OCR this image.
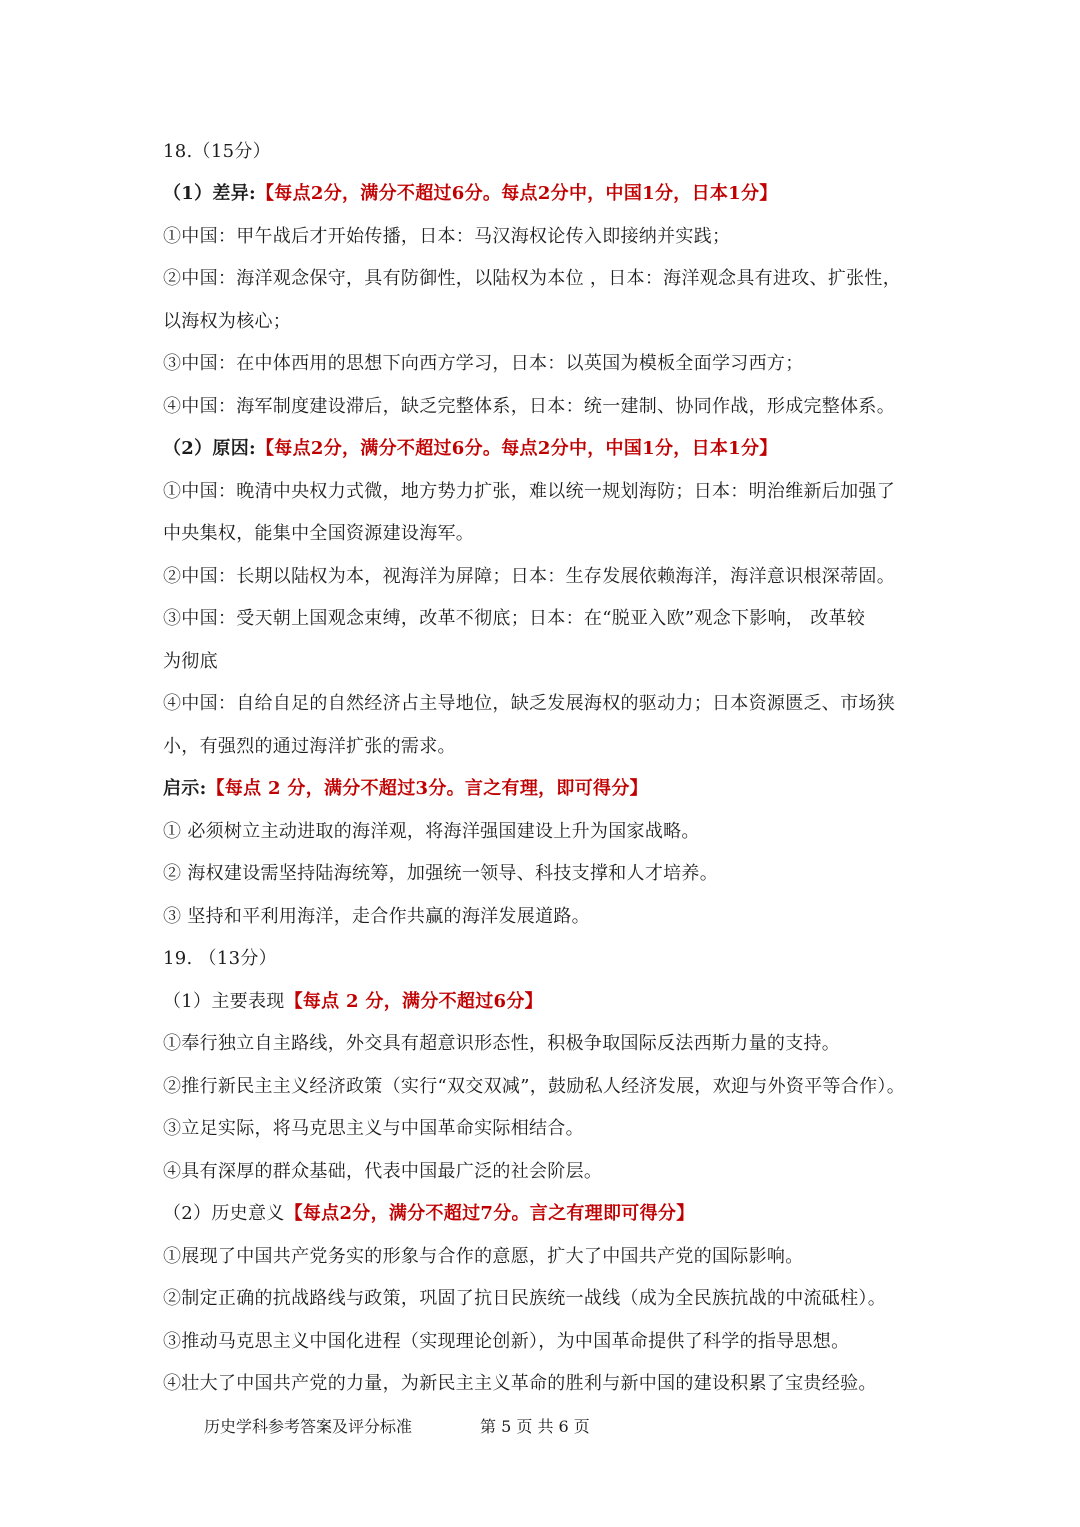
18.（15分）
（1）差异:【每点2分，满分不超过6分。每点2分中，中国1分，日本1分】
①中国：甲午战后才开始传播，日本：马汉海权论传入即接纳并实践；
②中国：海洋观念保守，具有防御性，以陆权为本位 ，日本：海洋观念具有进攻、扩张性，
以海权为核心；
③中国：在中体西用的思想下向西方学习，日本：以英国为模板全面学习西方；
④中国：海军制度建设滞后，缺乏完整体系，日本：统一建制、协同作战，形成完整体系。
（2）原因:【每点2分，满分不超过6分。每点2分中，中国1分，日本1分】
①中国：晚清中央权力式微，地方势力扩张，难以统一规划海防；日本：明治维新后加强了
中央集权，能集中全国资源建设海军。
②中国：长期以陆权为本，视海洋为屏障；日本：生存发展依赖海洋，海洋意识根深蒂固。
③中国：受天朝上国观念束缚，改革不彻底；日本：在“脱亚入欧”观念下影响， 改革较
为彻底
④中国：自给自足的自然经济占主导地位，缺乏发展海权的驱动力；日本资源匮乏、市场狭
小，有强烈的通过海洋扩张的需求。
启示:【每点 2 分，满分不超过3分。言之有理，即可得分】
① 必须树立主动进取的海洋观，将海洋强国建设上升为国家战略。
② 海权建设需坚持陆海统筹，加强统一领导、科技支撑和人才培养。
③ 坚持和平利用海洋，走合作共赢的海洋发展道路。
19. （13分）
（1）主要表现【每点 2 分，满分不超过6分】
①奉行独立自主路线，外交具有超意识形态性，积极争取国际反法西斯力量的支持。
②推行新民主主义经济政策（实行“双交双减”，鼓励私人经济发展，欢迎与外资平等合作）。
③立足实际，将马克思主义与中国革命实际相结合。
④具有深厚的群众基础，代表中国最广泛的社会阶层。
（2）历史意义【每点2分，满分不超过7分。言之有理即可得分】
①展现了中国共产党务实的形象与合作的意愿，扩大了中国共产党的国际影响。
②制定正确的抗战路线与政策，巩固了抗日民族统一战线（成为全民族抗战的中流砥柱）。
③推动马克思主义中国化进程（实现理论创新），为中国革命提供了科学的指导思想。
④壮大了中国共产党的力量，为新民主主义革命的胜利与新中国的建设积累了宝贵经验。
历史学科参考答案及评分标准	第 5 页 共 6 页
